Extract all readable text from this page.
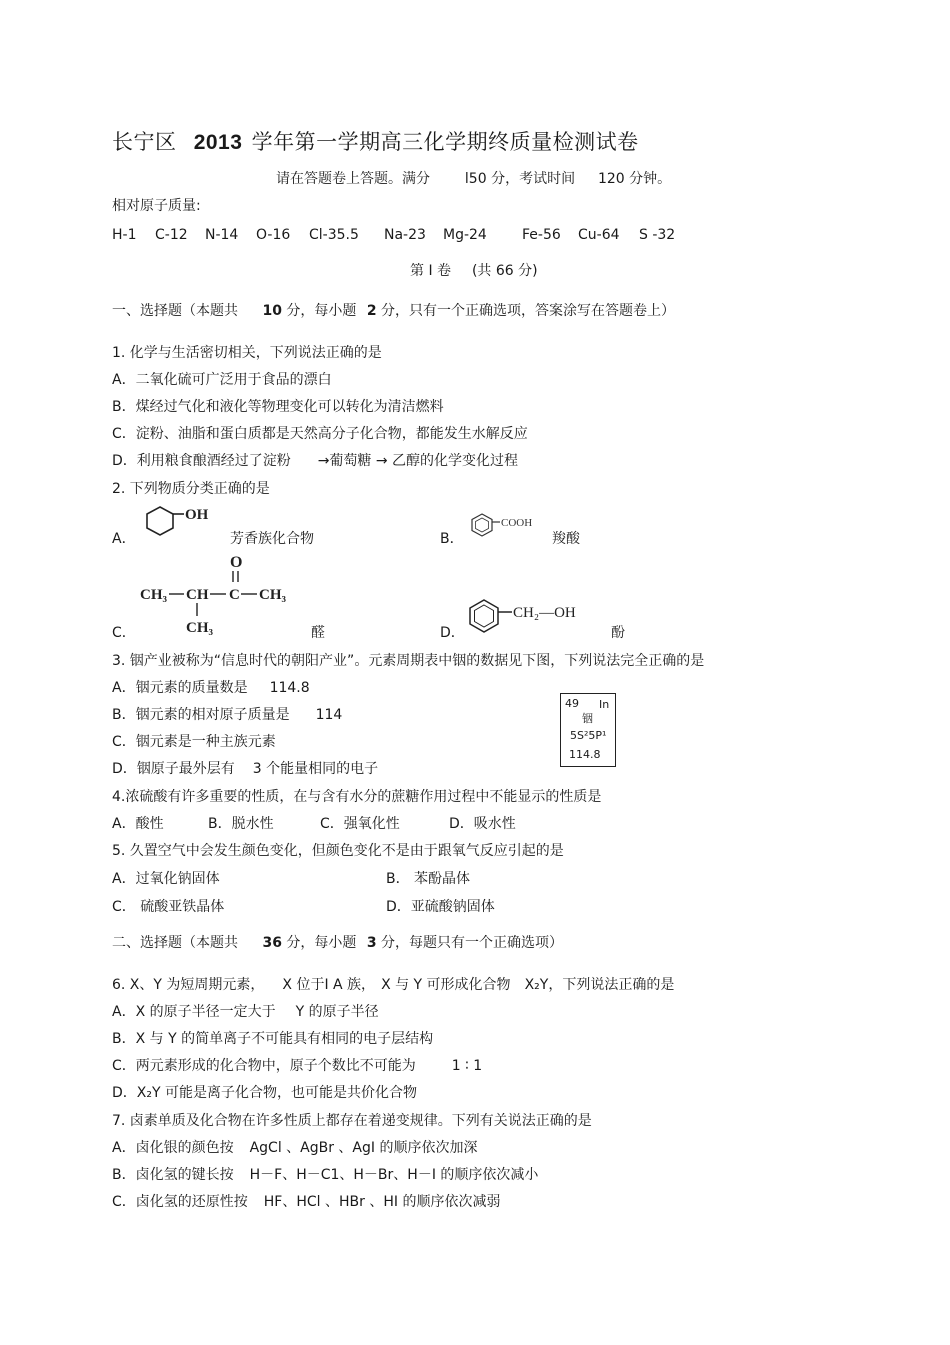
长宁区 2013 学年第一学期高三化学期终质量检测试卷
请在答题卷上答题。满分 l50 分，考试时间 120 分钟。
相对原子质量:
H-1 C-12 N-14 O-16 Cl-35.5 Na-23 Mg-24	Fe-56 Cu-64 S -32
第 Ⅰ 卷 (共 66 分)
一、选择题（本题共 10 分，每小题 2 分，只有一个正确选项，答案涂写在答题卷上）
1. 化学与生活密切相关，下列说法正确的是
A．二氧化硫可广泛用于食品的漂白
B．煤经过气化和液化等物理变化可以转化为清洁燃料
C．淀粉、油脂和蛋白质都是天然高分子化合物，都能发生水解反应
D．利用粮食酿酒经过了淀粉 →葡萄糖 → 乙醇的化学变化过程
2. 下列物质分类正确的是
A．
OH
芳香族化合物	B．
COOH
羧酸
C．
O
CH₃ CH C CH₃
CH₃	醛	D．
CH₂—OH
酚
3. 铟产业被称为“信息时代的朝阳产业”。元素周期表中铟的数据见下图，下列说法完全正确的是
A．铟元素的质量数是 114.8
B．铟元素的相对原子质量是 114
C．铟元素是一种主族元素
D．铟原子最外层有 3 个能量相同的电子
49 In
铟
5S²5P¹
114.8
4.浓硫酸有许多重要的性质，在与含有水分的蔗糖作用过程中不能显示的性质是
A．酸性	B．脱水性	C．强氧化性	D．吸水性
5. 久置空气中会发生颜色变化，但颜色变化不是由于跟氧气反应引起的是
A．过氧化钠固体	B． 苯酚晶体
C． 硫酸亚铁晶体	D．亚硫酸钠固体
二、选择题（本题共 36 分，每小题 3 分，每题只有一个正确选项）
6. X、Y 为短周期元素， X 位于Ⅰ A 族， X 与 Y 可形成化合物 X₂Y，下列说法正确的是
A．X 的原子半径一定大于 Y 的原子半径
B．X 与 Y 的简单离子不可能具有相同的电子层结构
C．两元素形成的化合物中，原子个数比不可能为	1 ∶ 1
D．X₂Y 可能是离子化合物，也可能是共价化合物
7. 卤素单质及化合物在许多性质上都存在着递变规律。下列有关说法正确的是
A．卤化银的颜色按 AgCl 、AgBr 、AgI 的顺序依次加深
B．卤化氢的键长按 H－F、H－C1、H－Br、H－I 的顺序依次减小
C．卤化氢的还原性按 HF、HCl 、HBr 、HI 的顺序依次减弱
